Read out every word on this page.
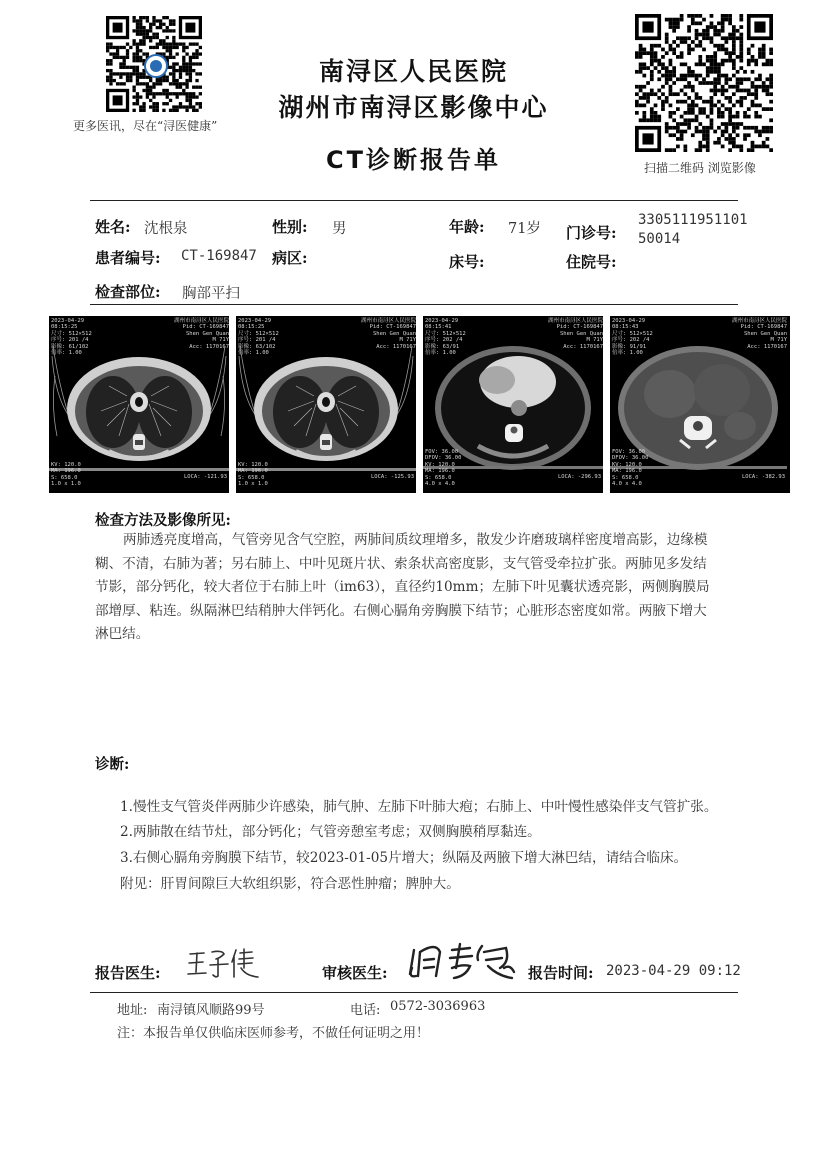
更多医讯，尽在“浔医健康”
扫描二维码 浏览影像
南浔区人民医院
湖州市南浔区影像中心
CT诊断报告单
姓名: 沈根泉	性别: 男	年龄: 71岁 门诊号:
3305111951101
50014
患者编号: CT-169847 病区:	床号:	住院号:
检查部位: 胸部平扫
2023-04-29
08:15:25
尺寸: 512×512
序号: 201 /4
影像: 61/102
倍率: 1.00
湖州市南浔区人民医院
Pid: CT-169847
Shen Gen Quan
M 71Y
Acc: 1170167
KV: 120.0
MA: 196.0
S: 658.0
1.0 x 1.0
LOCA: -121.93
2023-04-29
08:15:25
尺寸: 512×512
序号: 201 /4
影像: 63/102
倍率: 1.00
湖州市南浔区人民医院
Pid: CT-169847
Shen Gen Quan
M 71Y
Acc: 1170167
KV: 120.0
MA: 196.0
S: 658.0
1.0 x 1.0
LOCA: -125.93
2023-04-29
08:15:41
尺寸: 512×512
序号: 202 /4
影像: 63/91
倍率: 1.00
湖州市南浔区人民医院
Pid: CT-169847
Shen Gen Quan
M 71Y
Acc: 1170167
FOV: 36.00
DFOV: 36.00
KV: 120.0
MA: 196.0
S: 658.0
4.0 x 4.0
LOCA: -296.93
2023-04-29
08:15:43
尺寸: 512×512
序号: 202 /4
影像: 91/91
倍率: 1.00
湖州市南浔区人民医院
Pid: CT-169847
Shen Gen Quan
M 71Y
Acc: 1170167
FOV: 36.00
DFOV: 36.00
KV: 120.0
MA: 196.0
S: 658.0
4.0 x 4.0
LOCA: -382.93
检查方法及影像所见:
两肺透亮度增高，气管旁见含气空腔，两肺间质纹理增多，散发少许磨玻璃样密度增高影，边缘模糊、不清，右肺为著；另右肺上、中叶见斑片状、索条状高密度影，支气管受牵拉扩张。两肺见多发结节影，部分钙化，较大者位于右肺上叶（im63），直径约10mm；左肺下叶见囊状透亮影，两侧胸膜局部增厚、粘连。纵隔淋巴结稍肿大伴钙化。右侧心膈角旁胸膜下结节；心脏形态密度如常。两腋下增大淋巴结。
诊断:
1.慢性支气管炎伴两肺少许感染，肺气肿、左肺下叶肺大疱；右肺上、中叶慢性感染伴支气管扩张。
2.两肺散在结节灶，部分钙化；气管旁憩室考虑；双侧胸膜稍厚黏连。
3.右侧心膈角旁胸膜下结节，较2023-01-05片增大；纵隔及两腋下增大淋巴结，请结合临床。
附见：肝胃间隙巨大软组织影，符合恶性肿瘤；脾肿大。
报告医生:	审核医生:	报告时间: 2023-04-29 09:12
地址: 南浔镇风顺路99号	电话: 0572-3036963
注：本报告单仅供临床医师参考，不做任何证明之用！
